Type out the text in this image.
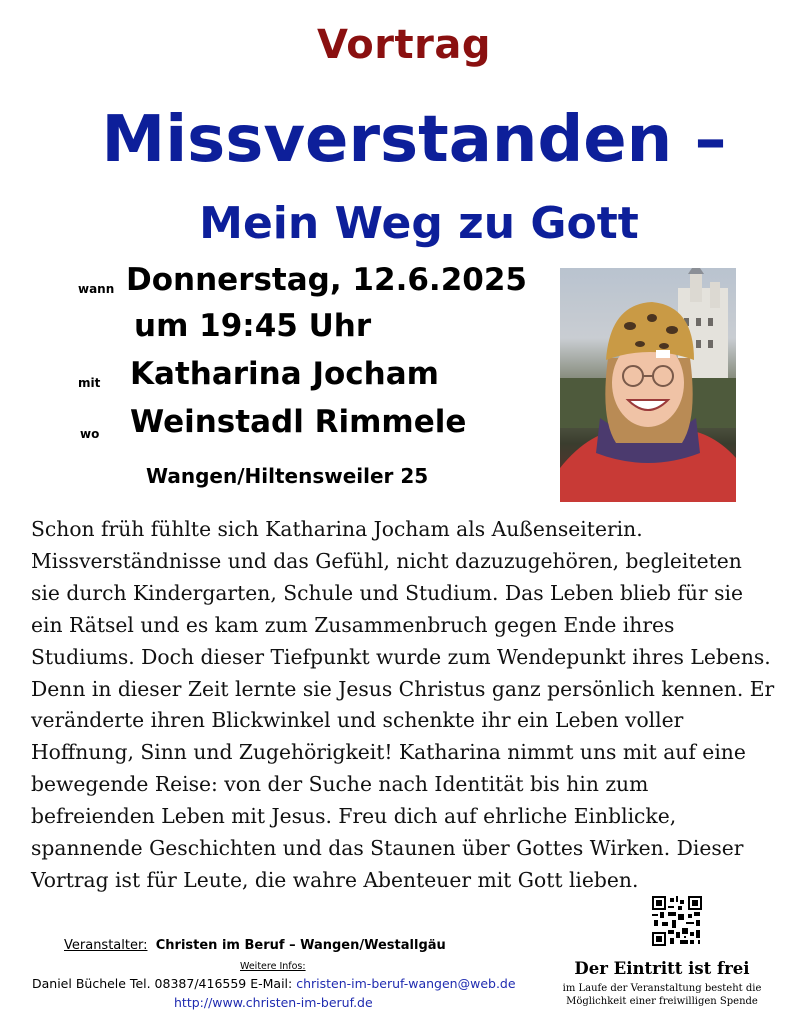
Vortrag
Missverstanden –
Mein Weg zu Gott
wann Donnerstag, 12.6.2025
um 19:45 Uhr
mit Katharina Jocham
wo Weinstadl Rimmele
Wangen/Hiltensweiler 25
Schon früh fühlte sich Katharina Jocham als Außenseiterin. Missverständnisse und das Gefühl, nicht dazuzugehören, begleiteten sie durch Kindergarten, Schule und Studium. Das Leben blieb für sie ein Rätsel und es kam zum Zusammenbruch gegen Ende ihres Studiums. Doch dieser Tiefpunkt wurde zum Wendepunkt ihres Lebens. Denn in dieser Zeit lernte sie Jesus Christus ganz persönlich kennen. Er veränderte ihren Blickwinkel und schenkte ihr ein Leben voller Hoffnung, Sinn und Zugehörigkeit! Katharina nimmt uns mit auf eine bewegende Reise: von der Suche nach Identität bis hin zum befreienden Leben mit Jesus. Freu dich auf ehrliche Einblicke, spannende Geschichten und das Staunen über Gottes Wirken. Dieser Vortrag ist für Leute, die wahre Abenteuer mit Gott lieben.
Veranstalter: Christen im Beruf – Wangen/Westallgäu
Weitere Infos:
Daniel Büchele Tel. 08387/416559 E-Mail: christen-im-beruf-wangen@web.de
http://www.christen-im-beruf.de
Der Eintritt ist frei
im Laufe der Veranstaltung besteht die Möglichkeit einer freiwilligen Spende
